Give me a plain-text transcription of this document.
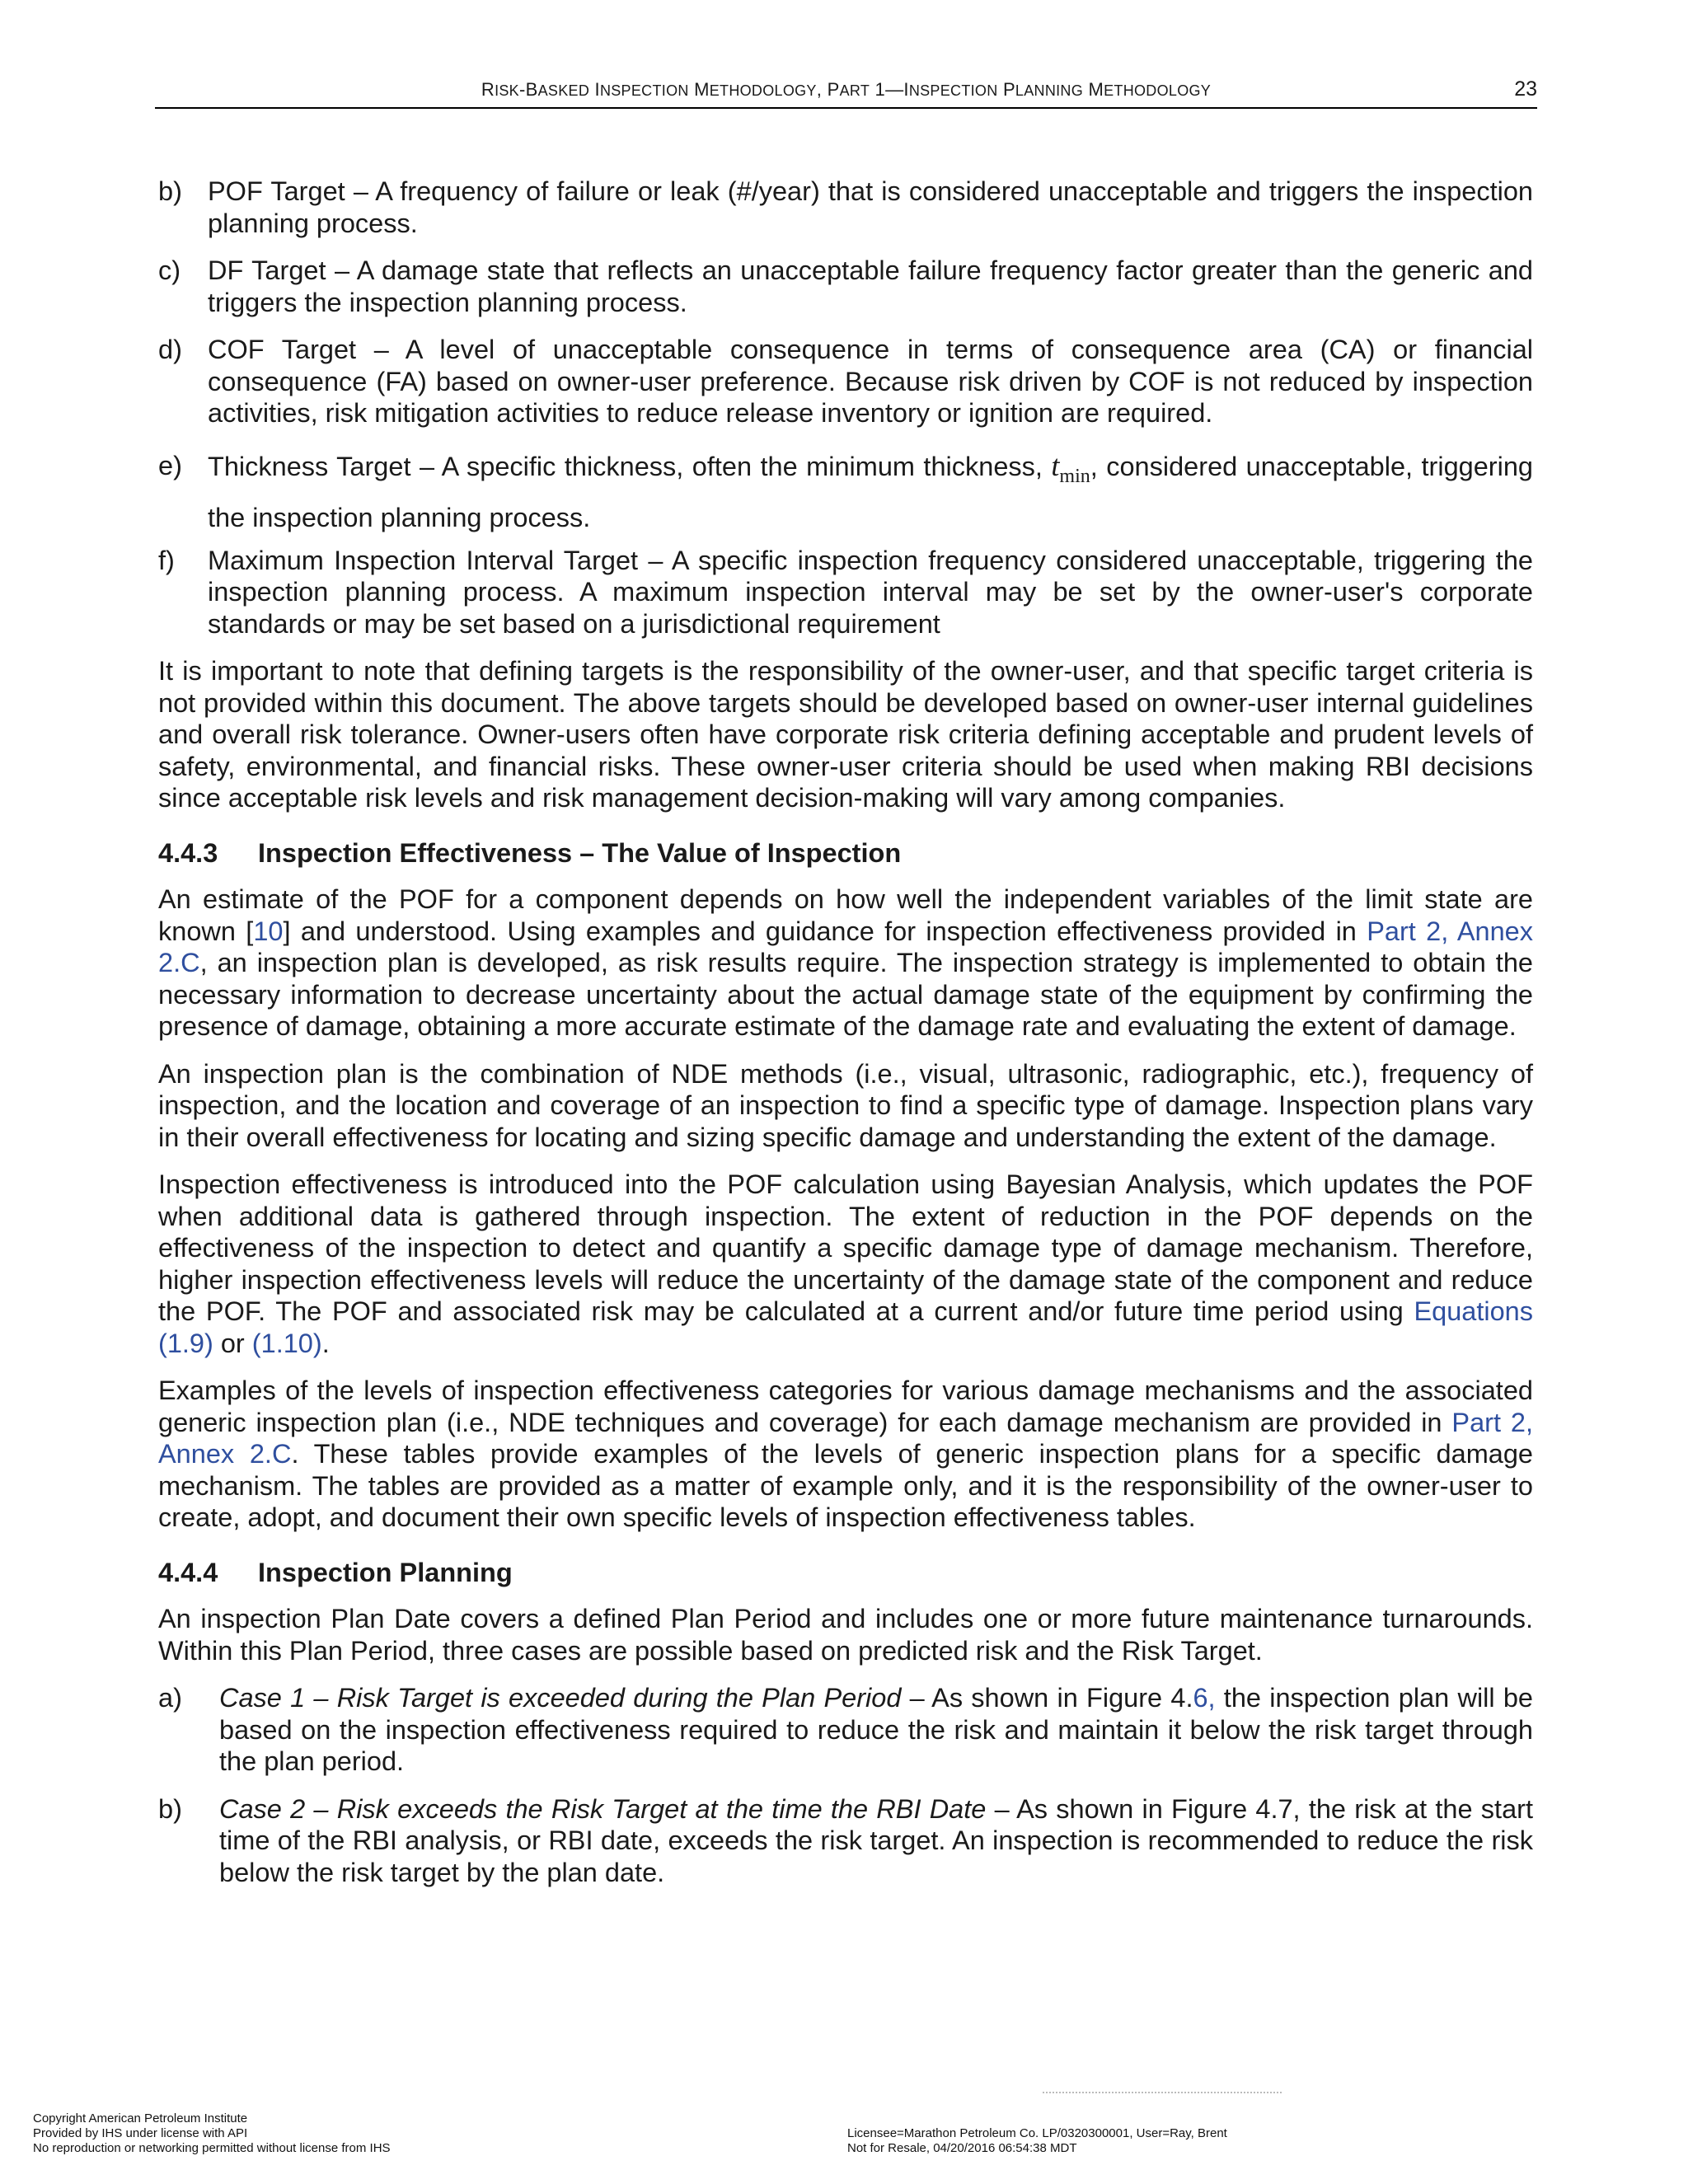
RISK-BASKED INSPECTION METHODOLOGY, PART 1—INSPECTION PLANNING METHODOLOGY	23
b) POF Target – A frequency of failure or leak (#/year) that is considered unacceptable and triggers the inspection planning process.
c) DF Target – A damage state that reflects an unacceptable failure frequency factor greater than the generic and triggers the inspection planning process.
d) COF Target – A level of unacceptable consequence in terms of consequence area (CA) or financial consequence (FA) based on owner-user preference. Because risk driven by COF is not reduced by inspection activities, risk mitigation activities to reduce release inventory or ignition are required.
e) Thickness Target – A specific thickness, often the minimum thickness, $t_{min}$, considered unacceptable, triggering the inspection planning process.
f) Maximum Inspection Interval Target – A specific inspection frequency considered unacceptable, triggering the inspection planning process. A maximum inspection interval may be set by the owner-user's corporate standards or may be set based on a jurisdictional requirement

It is important to note that defining targets is the responsibility of the owner-user, and that specific target criteria is not provided within this document. The above targets should be developed based on owner-user internal guidelines and overall risk tolerance. Owner-users often have corporate risk criteria defining acceptable and prudent levels of safety, environmental, and financial risks. These owner-user criteria should be used when making RBI decisions since acceptable risk levels and risk management decision-making will vary among companies.

4.4.3 Inspection Effectiveness – The Value of Inspection

An estimate of the POF for a component depends on how well the independent variables of the limit state are known [10] and understood. Using examples and guidance for inspection effectiveness provided in Part 2, Annex 2.C, an inspection plan is developed, as risk results require. The inspection strategy is implemented to obtain the necessary information to decrease uncertainty about the actual damage state of the equipment by confirming the presence of damage, obtaining a more accurate estimate of the damage rate and evaluating the extent of damage.

An inspection plan is the combination of NDE methods (i.e., visual, ultrasonic, radiographic, etc.), frequency of inspection, and the location and coverage of an inspection to find a specific type of damage. Inspection plans vary in their overall effectiveness for locating and sizing specific damage and understanding the extent of the damage.

Inspection effectiveness is introduced into the POF calculation using Bayesian Analysis, which updates the POF when additional data is gathered through inspection. The extent of reduction in the POF depends on the effectiveness of the inspection to detect and quantify a specific damage type of damage mechanism. Therefore, higher inspection effectiveness levels will reduce the uncertainty of the damage state of the component and reduce the POF. The POF and associated risk may be calculated at a current and/or future time period using Equations (1.9) or (1.10).

Examples of the levels of inspection effectiveness categories for various damage mechanisms and the associated generic inspection plan (i.e., NDE techniques and coverage) for each damage mechanism are provided in Part 2, Annex 2.C. These tables provide examples of the levels of generic inspection plans for a specific damage mechanism. The tables are provided as a matter of example only, and it is the responsibility of the owner-user to create, adopt, and document their own specific levels of inspection effectiveness tables.

4.4.4 Inspection Planning

An inspection Plan Date covers a defined Plan Period and includes one or more future maintenance turnarounds. Within this Plan Period, three cases are possible based on predicted risk and the Risk Target.

a) Case 1 – Risk Target is exceeded during the Plan Period – As shown in Figure 4.6, the inspection plan will be based on the inspection effectiveness required to reduce the risk and maintain it below the risk target through the plan period.
b) Case 2 – Risk exceeds the Risk Target at the time the RBI Date – As shown in Figure 4.7, the risk at the start time of the RBI analysis, or RBI date, exceeds the risk target. An inspection is recommended to reduce the risk below the risk target by the plan date.
Copyright American Petroleum Institute
Provided by IHS under license with API
No reproduction or networking permitted without license from IHS
Licensee=Marathon Petroleum Co. LP/0320300001, User=Ray, Brent
Not for Resale, 04/20/2016 06:54:38 MDT
